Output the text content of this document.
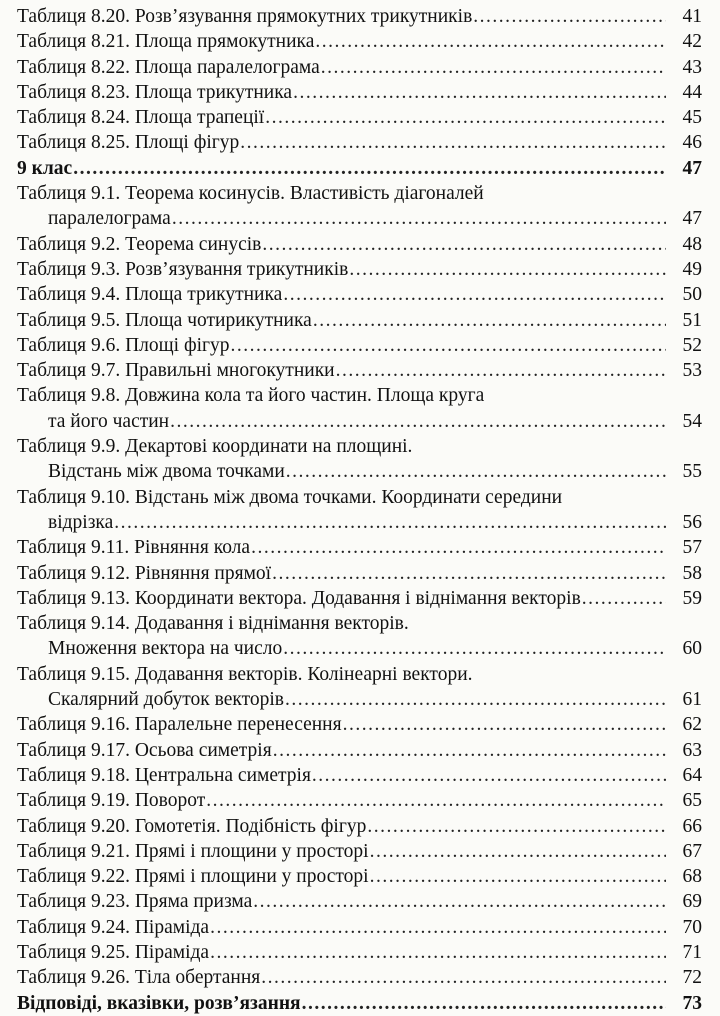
Таблиця 8.20. Розв’язування прямокутних трикутників .....	41
Таблиця 8.21. Площа прямокутника .....	42
Таблиця 8.22. Площа паралелограма .....	43
Таблиця 8.23. Площа трикутника .....	44
Таблиця 8.24. Площа трапеції .....	45
Таблиця 8.25. Площі фігур .....	46
9 клас .....	47
Таблиця 9.1. Теорема косинусів. Властивість діагоналей
паралелограма .....	47
Таблиця 9.2. Теорема синусів .....	48
Таблиця 9.3. Розв’язування трикутників .....	49
Таблиця 9.4. Площа трикутника .....	50
Таблиця 9.5. Площа чотирикутника .....	51
Таблиця 9.6. Площі фігур .....	52
Таблиця 9.7. Правильні многокутники .....	53
Таблиця 9.8. Довжина кола та його частин. Площа круга
та його частин .....	54
Таблиця 9.9. Декартові координати на площині.
Відстань між двома точками .....	55
Таблиця 9.10. Відстань між двома точками. Координати середини
відрізка .....	56
Таблиця 9.11. Рівняння кола .....	57
Таблиця 9.12. Рівняння прямої .....	58
Таблиця 9.13. Координати вектора. Додавання і віднімання векторів .....	59
Таблиця 9.14. Додавання і віднімання векторів.
Множення вектора на число .....	60
Таблиця 9.15. Додавання векторів. Колінеарні вектори.
Скалярний добуток векторів .....	61
Таблиця 9.16. Паралельне перенесення .....	62
Таблиця 9.17. Осьова симетрія .....	63
Таблиця 9.18. Центральна симетрія .....	64
Таблиця 9.19. Поворот .....	65
Таблиця 9.20. Гомотетія. Подібність фігур .....	66
Таблиця 9.21. Прямі і площини у просторі .....	67
Таблиця 9.22. Прямі і площини у просторі .....	68
Таблиця 9.23. Пряма призма .....	69
Таблиця 9.24. Піраміда .....	70
Таблиця 9.25. Піраміда .....	71
Таблиця 9.26. Тіла обертання .....	72
Відповіді, вказівки, розв’язання .....	73
